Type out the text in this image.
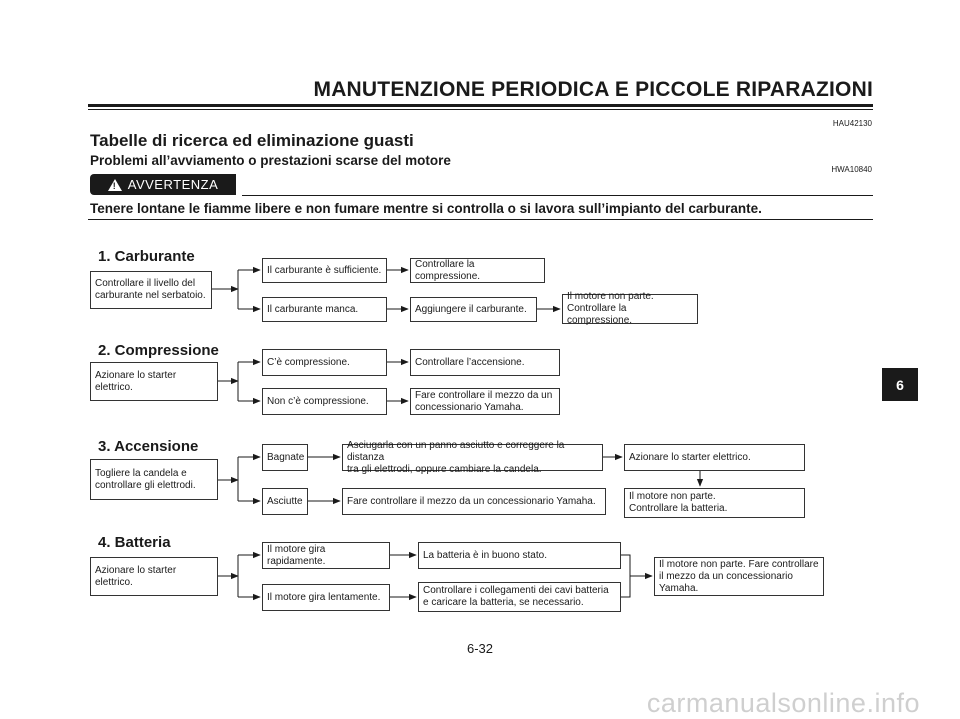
MANUTENZIONE PERIODICA E PICCOLE RIPARAZIONI
HAU42130
Tabelle di ricerca ed eliminazione guasti
Problemi all’avviamento o prestazioni scarse del motore
HWA10840
! AVVERTENZA
Tenere lontane le fiamme libere e non fumare mentre si controlla o si lavora sull’impianto del carburante.
1. Carburante
Controllare il livello del
carburante nel serbatoio.
Il carburante è sufficiente.
Il carburante manca.
Controllare la compressione.
Aggiungere il carburante.
Il motore non parte.
Controllare la compressione.
2. Compressione
Azionare lo starter elettrico.
C’è compressione.
Non c’è compressione.
Controllare l’accensione.
Fare controllare il mezzo da un
concessionario Yamaha.
3. Accensione
Togliere la candela e
controllare gli elettrodi.
Bagnate
Asciutte
Asciugarla con un panno asciutto e correggere la distanza
tra gli elettrodi, oppure cambiare la candela.
Fare controllare il mezzo da un concessionario Yamaha.
Azionare lo starter elettrico.
Il motore non parte.
Controllare la batteria.
4. Batteria
Azionare lo starter elettrico.
Il motore gira rapidamente.
Il motore gira lentamente.
La batteria è in buono stato.
Controllare i collegamenti dei cavi batteria
e caricare la batteria, se necessario.
Il motore non parte. Fare controllare
il mezzo da un concessionario
Yamaha.
6
6-32
carmanualsonline.info
